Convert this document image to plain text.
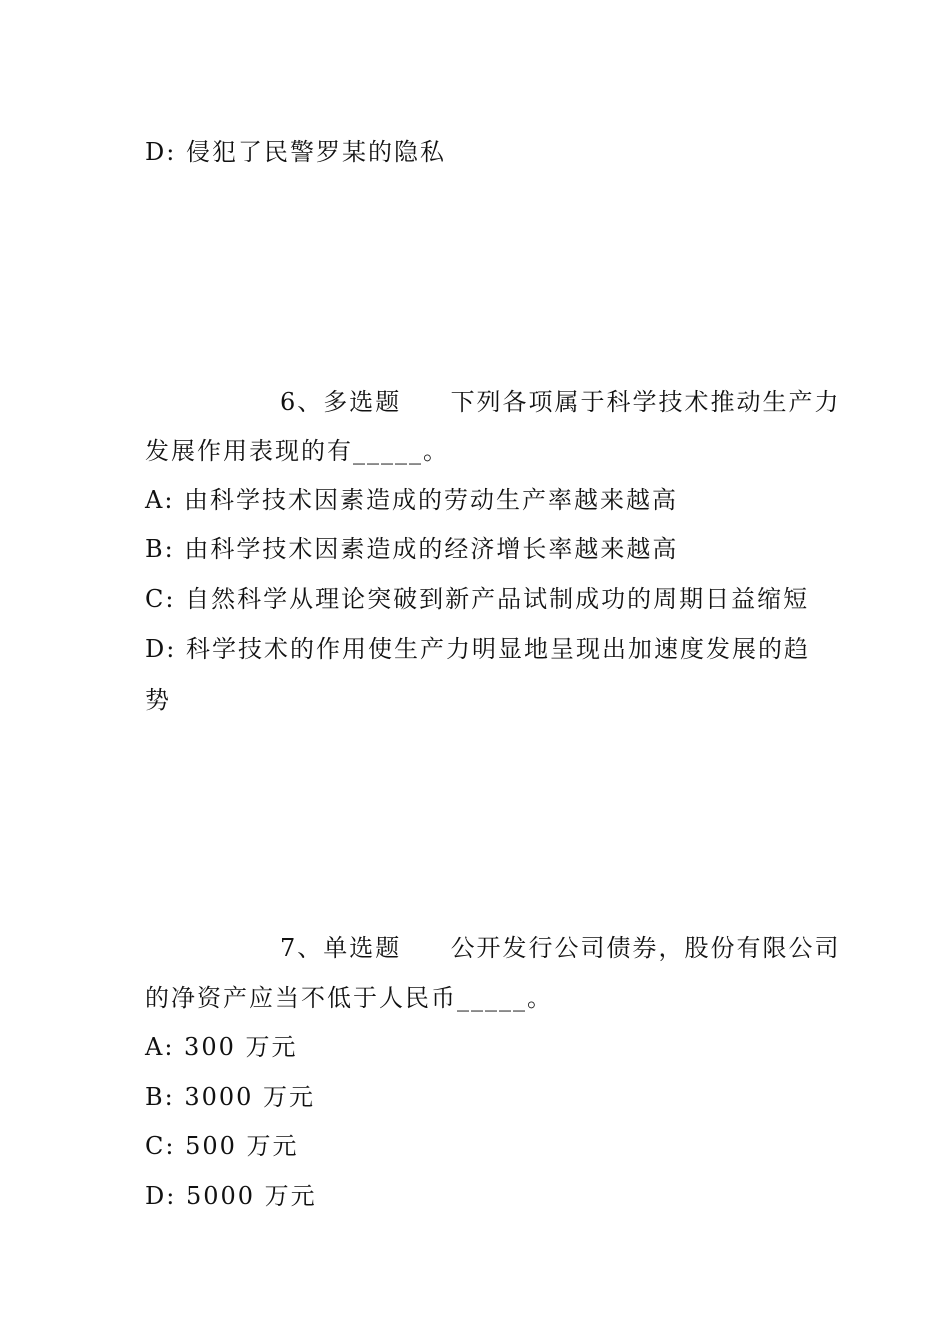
D: 侵犯了民警罗某的隐私
6、多选题 下列各项属于科学技术推动生产力
发展作用表现的有_____。
A: 由科学技术因素造成的劳动生产率越来越高
B: 由科学技术因素造成的经济增长率越来越高
C: 自然科学从理论突破到新产品试制成功的周期日益缩短
D: 科学技术的作用使生产力明显地呈现出加速度发展的趋
势
7、单选题 公开发行公司债券，股份有限公司
的净资产应当不低于人民币_____。
A: 300 万元
B: 3000 万元
C: 500 万元
D: 5000 万元
